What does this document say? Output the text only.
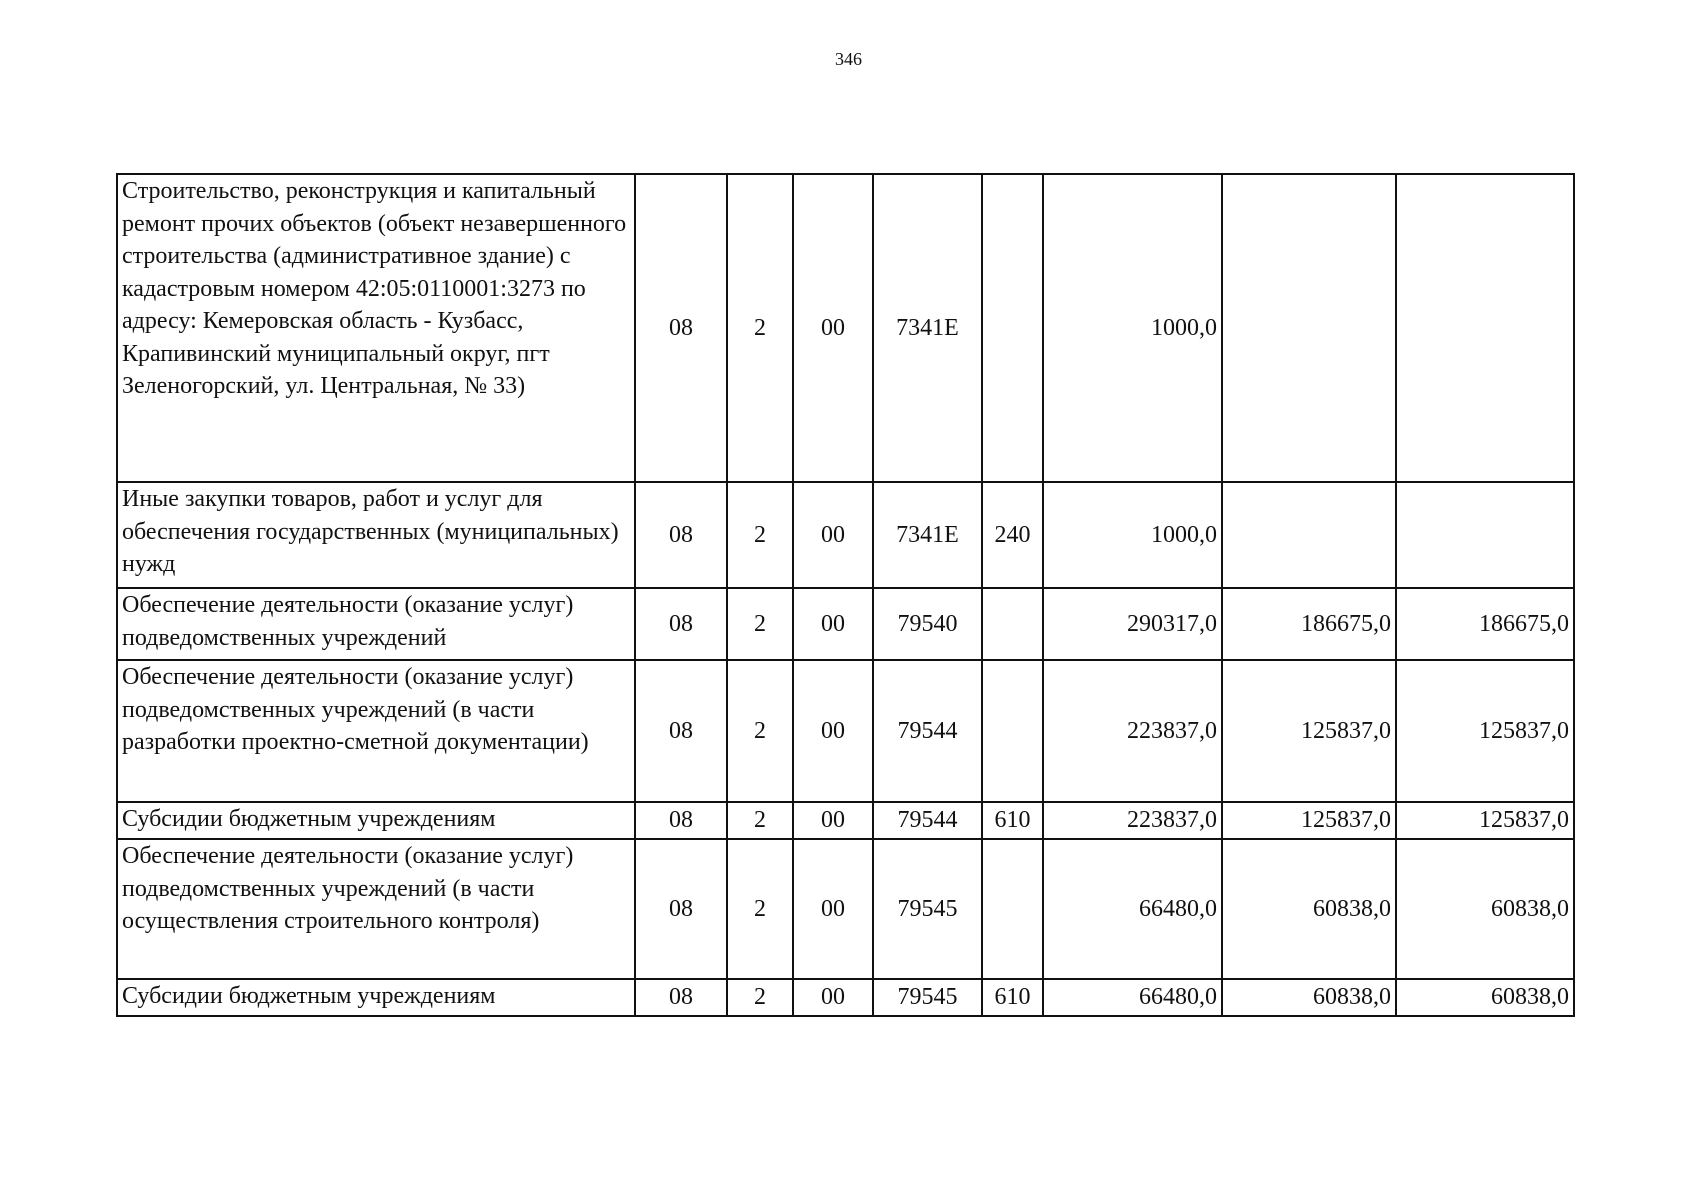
346
Строительство, реконструкция и капитальный ремонт прочих объектов (объект незавершенного строительства (административное здание) с кадастровым номером 42:05:0110001:3273 по адресу: Кемеровская область - Кузбасс, Крапивинский муниципальный округ, пгт Зеленогорский, ул. Центральная, № 33)	08	2	00	7341E		1000,0		
Иные закупки товаров, работ и услуг для обеспечения государственных (муниципальных) нужд	08	2	00	7341E	240	1000,0		
Обеспечение деятельности (оказание услуг) подведомственных учреждений	08	2	00	79540		290317,0	186675,0	186675,0
Обеспечение деятельности (оказание услуг) подведомственных учреждений (в части разработки проектно-сметной документации)	08	2	00	79544		223837,0	125837,0	125837,0
Субсидии бюджетным учреждениям	08	2	00	79544	610	223837,0	125837,0	125837,0
Обеспечение деятельности (оказание услуг) подведомственных учреждений (в части осуществления строительного контроля)	08	2	00	79545		66480,0	60838,0	60838,0
Субсидии бюджетным учреждениям	08	2	00	79545	610	66480,0	60838,0	60838,0
